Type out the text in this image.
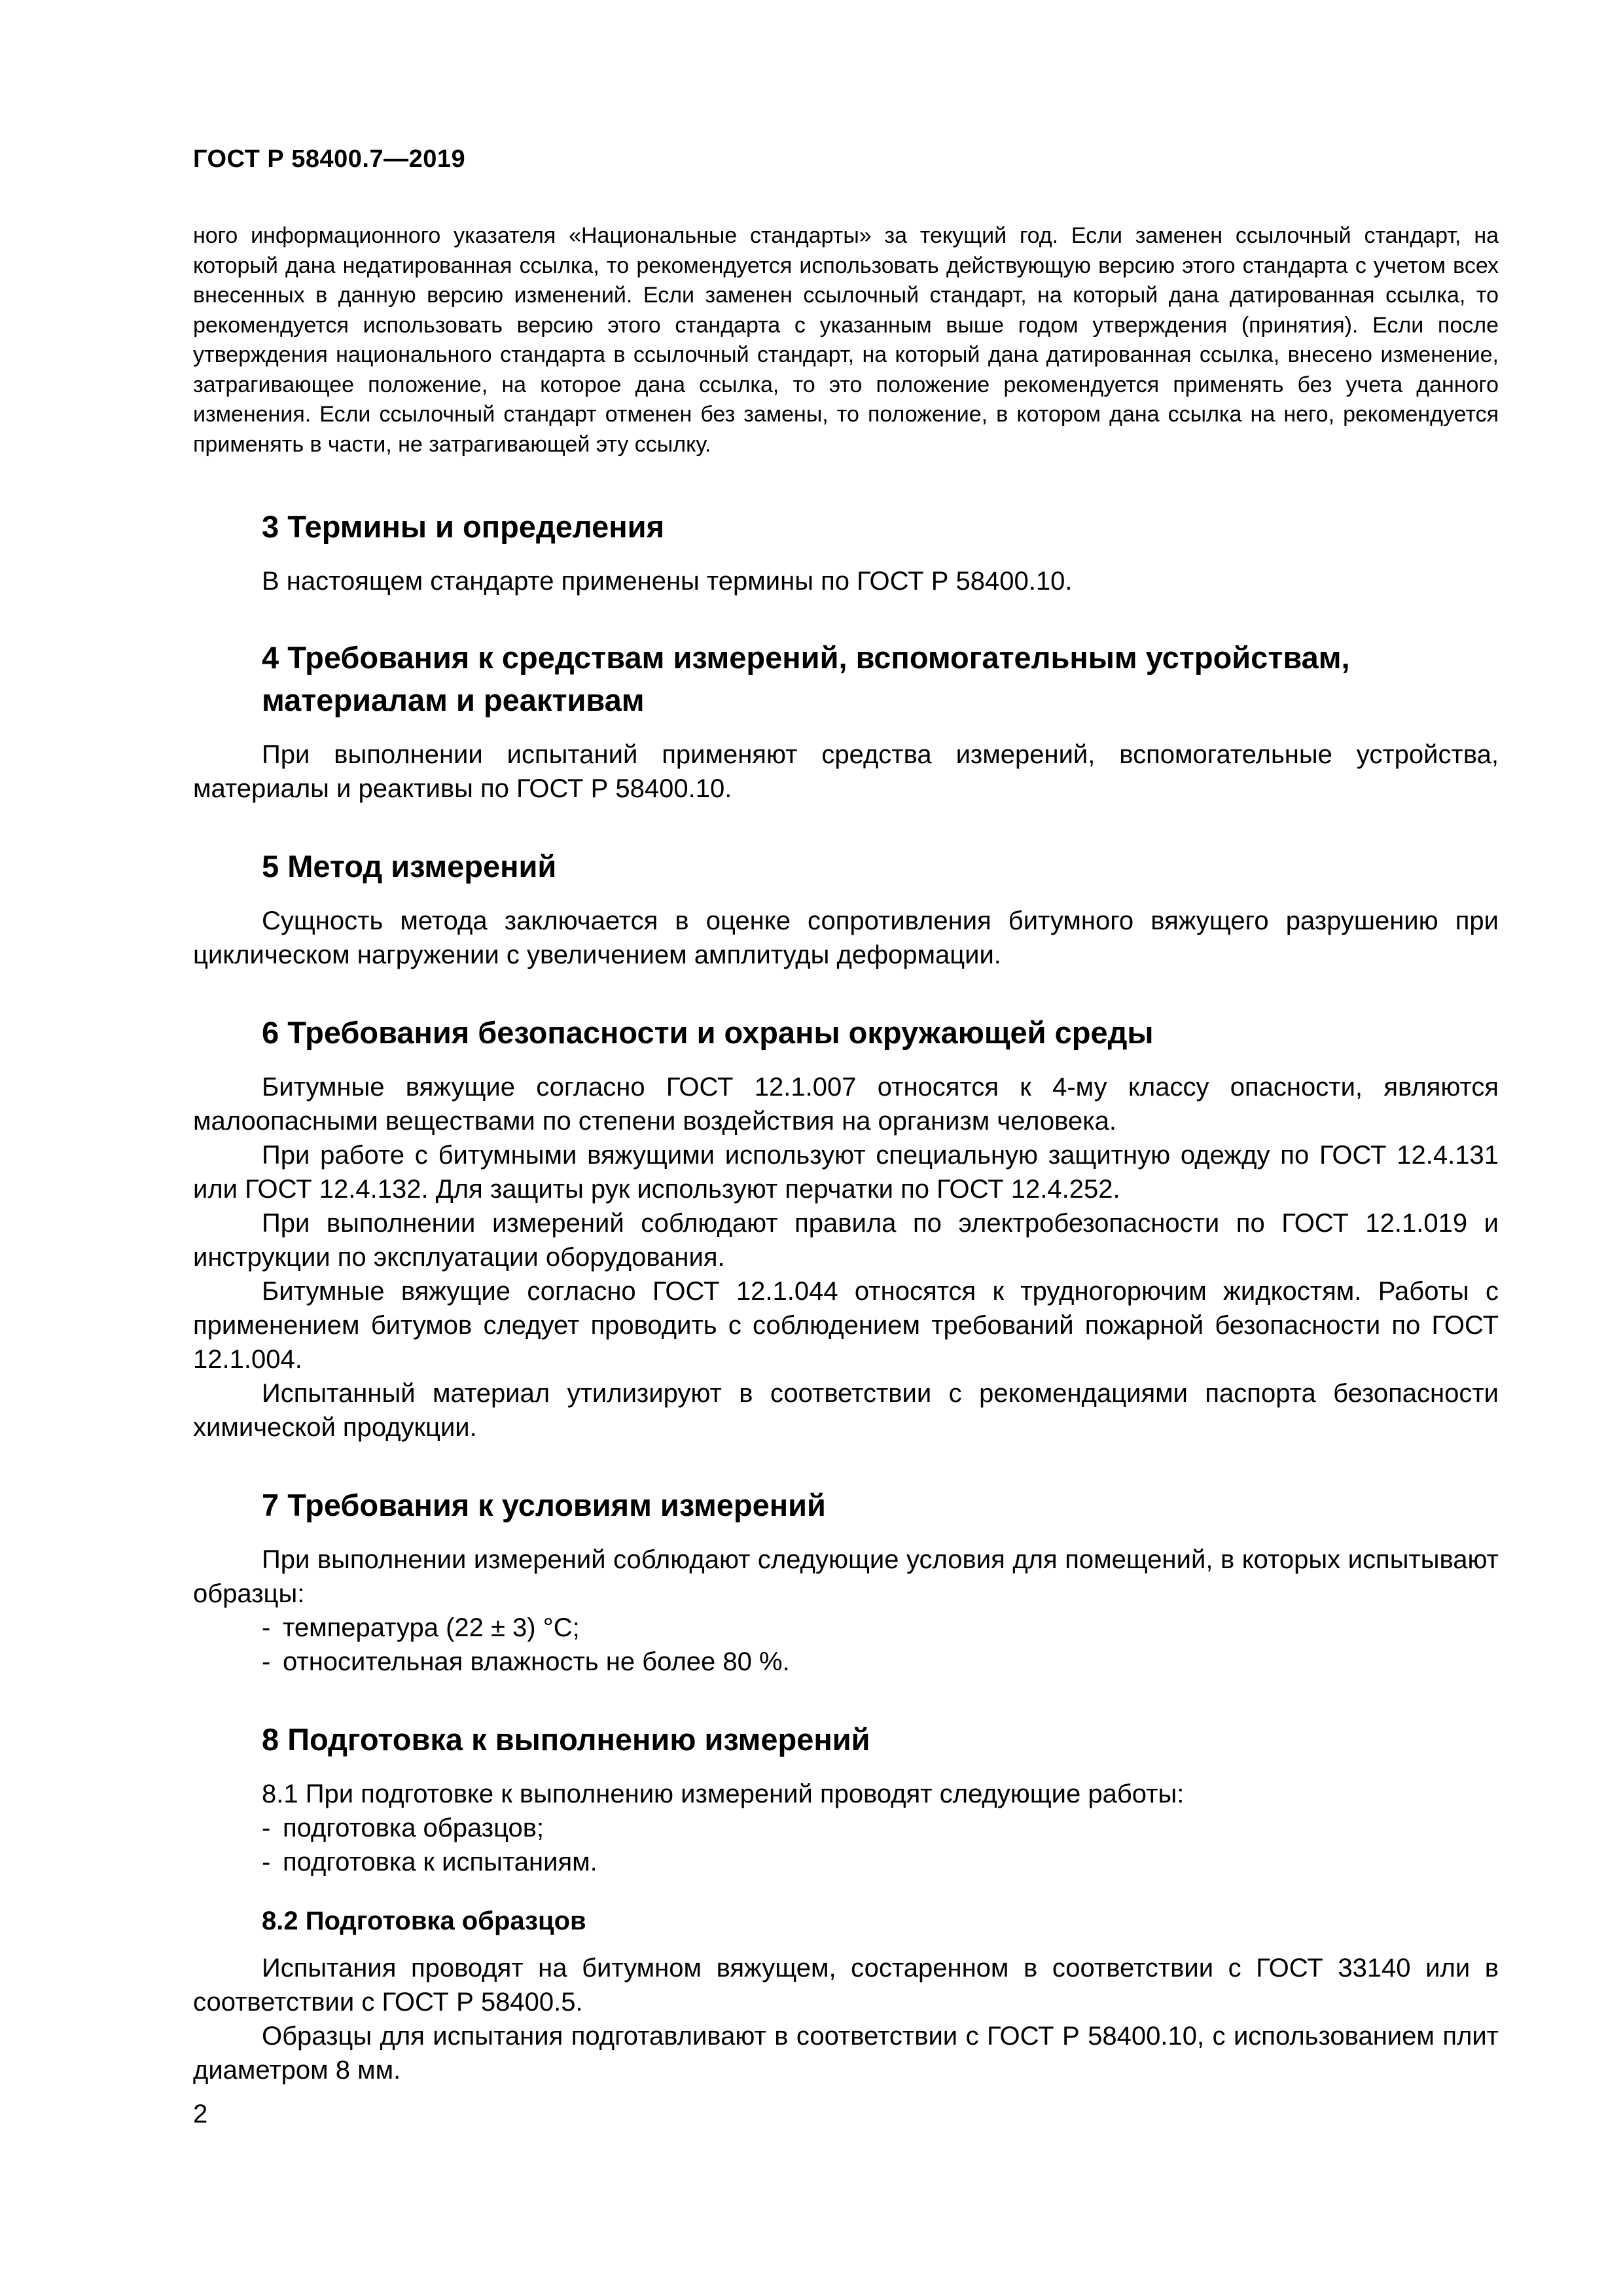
ГОСТ Р 58400.7—2019

ного информационного указателя «Национальные стандарты» за текущий год. Если заменен ссылочный стандарт, на который дана недатированная ссылка, то рекомендуется использовать действующую версию этого стандарта с учетом всех внесенных в данную версию изменений. Если заменен ссылочный стандарт, на который дана датированная ссылка, то рекомендуется использовать версию этого стандарта с указанным выше годом утверждения (принятия). Если после утверждения национального стандарта в ссылочный стандарт, на который дана датированная ссылка, внесено изменение, затрагивающее положение, на которое дана ссылка, то это положение рекомендуется применять без учета данного изменения. Если ссылочный стандарт отменен без замены, то положение, в котором дана ссылка на него, рекомендуется применять в части, не затрагивающей эту ссылку.

3 Термины и определения

В настоящем стандарте применены термины по ГОСТ Р 58400.10.

4 Требования к средствам измерений, вспомогательным устройствам, материалам и реактивам

При выполнении испытаний применяют средства измерений, вспомогательные устройства, материалы и реактивы по ГОСТ Р 58400.10.

5 Метод измерений

Сущность метода заключается в оценке сопротивления битумного вяжущего разрушению при циклическом нагружении с увеличением амплитуды деформации.

6 Требования безопасности и охраны окружающей среды

Битумные вяжущие согласно ГОСТ 12.1.007 относятся к 4-му классу опасности, являются малоопасными веществами по степени воздействия на организм человека.

При работе с битумными вяжущими используют специальную защитную одежду по ГОСТ 12.4.131 или ГОСТ 12.4.132. Для защиты рук используют перчатки по ГОСТ 12.4.252.

При выполнении измерений соблюдают правила по электробезопасности по ГОСТ 12.1.019 и инструкции по эксплуатации оборудования.

Битумные вяжущие согласно ГОСТ 12.1.044 относятся к трудногорючим жидкостям. Работы с применением битумов следует проводить с соблюдением требований пожарной безопасности по ГОСТ 12.1.004.

Испытанный материал утилизируют в соответствии с рекомендациями паспорта безопасности химической продукции.

7 Требования к условиям измерений

При выполнении измерений соблюдают следующие условия для помещений, в которых испытывают образцы:

- температура (22 ± 3) °С;
- относительная влажность не более 80 %.
8 Подготовка к выполнению измерений

8.1 При подготовке к выполнению измерений проводят следующие работы:

- подготовка образцов;
- подготовка к испытаниям.
8.2 Подготовка образцов

Испытания проводят на битумном вяжущем, состаренном в соответствии с ГОСТ 33140 или в соответствии с ГОСТ Р 58400.5.

Образцы для испытания подготавливают в соответствии с ГОСТ Р 58400.10, с использованием плит диаметром 8 мм.

2
